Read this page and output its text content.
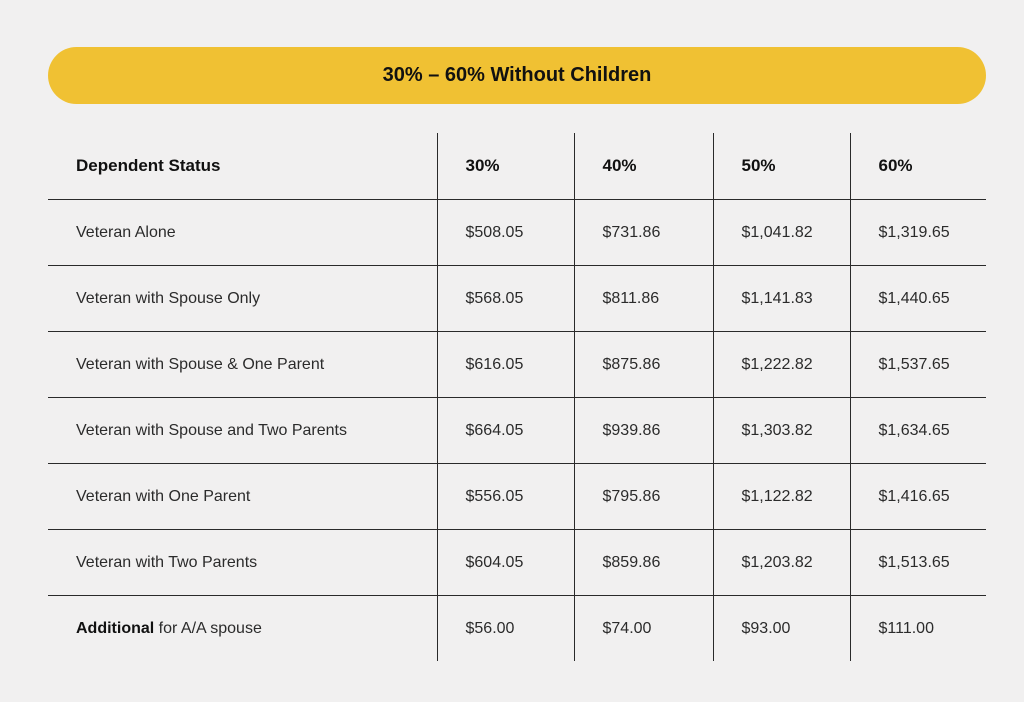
30% – 60% Without Children
Dependent Status	30%	40%	50%	60%
Veteran Alone	$508.05	$731.86	$1,041.82	$1,319.65
Veteran with Spouse Only	$568.05	$811.86	$1,141.83	$1,440.65
Veteran with Spouse & One Parent	$616.05	$875.86	$1,222.82	$1,537.65
Veteran with Spouse and Two Parents	$664.05	$939.86	$1,303.82	$1,634.65
Veteran with One Parent	$556.05	$795.86	$1,122.82	$1,416.65
Veteran with Two Parents	$604.05	$859.86	$1,203.82	$1,513.65
Additional for A/A spouse	$56.00	$74.00	$93.00	$111.00
